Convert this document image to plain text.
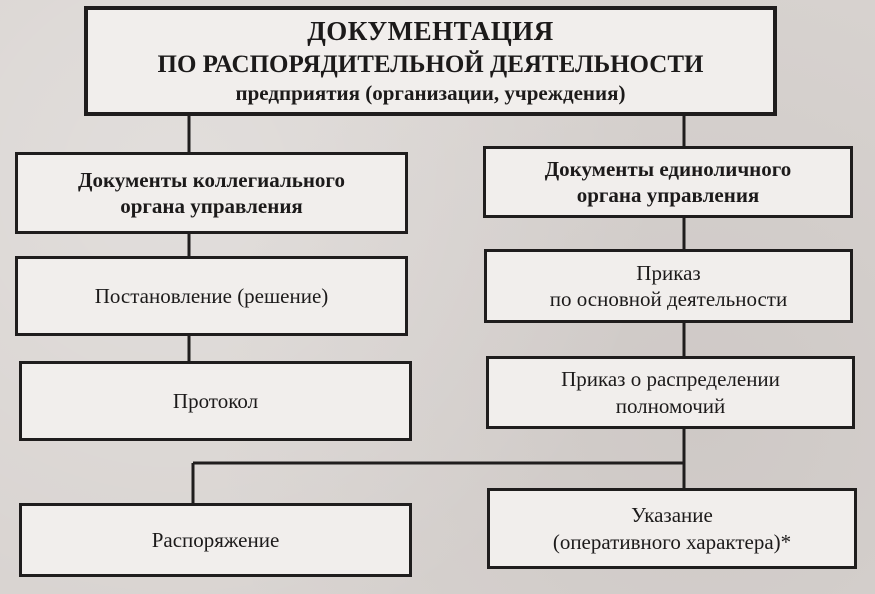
ДОКУМЕНТАЦИЯ
ПО РАСПОРЯДИТЕЛЬНОЙ ДЕЯТЕЛЬНОСТИ
предприятия (организации, учреждения)
Документы коллегиального
органа управления
Документы единоличного
органа управления
Постановление (решение)
Протокол
Распоряжение
Приказ
по основной деятельности
Приказ о распределении
полномочий
Указание
(оперативного характера)*
